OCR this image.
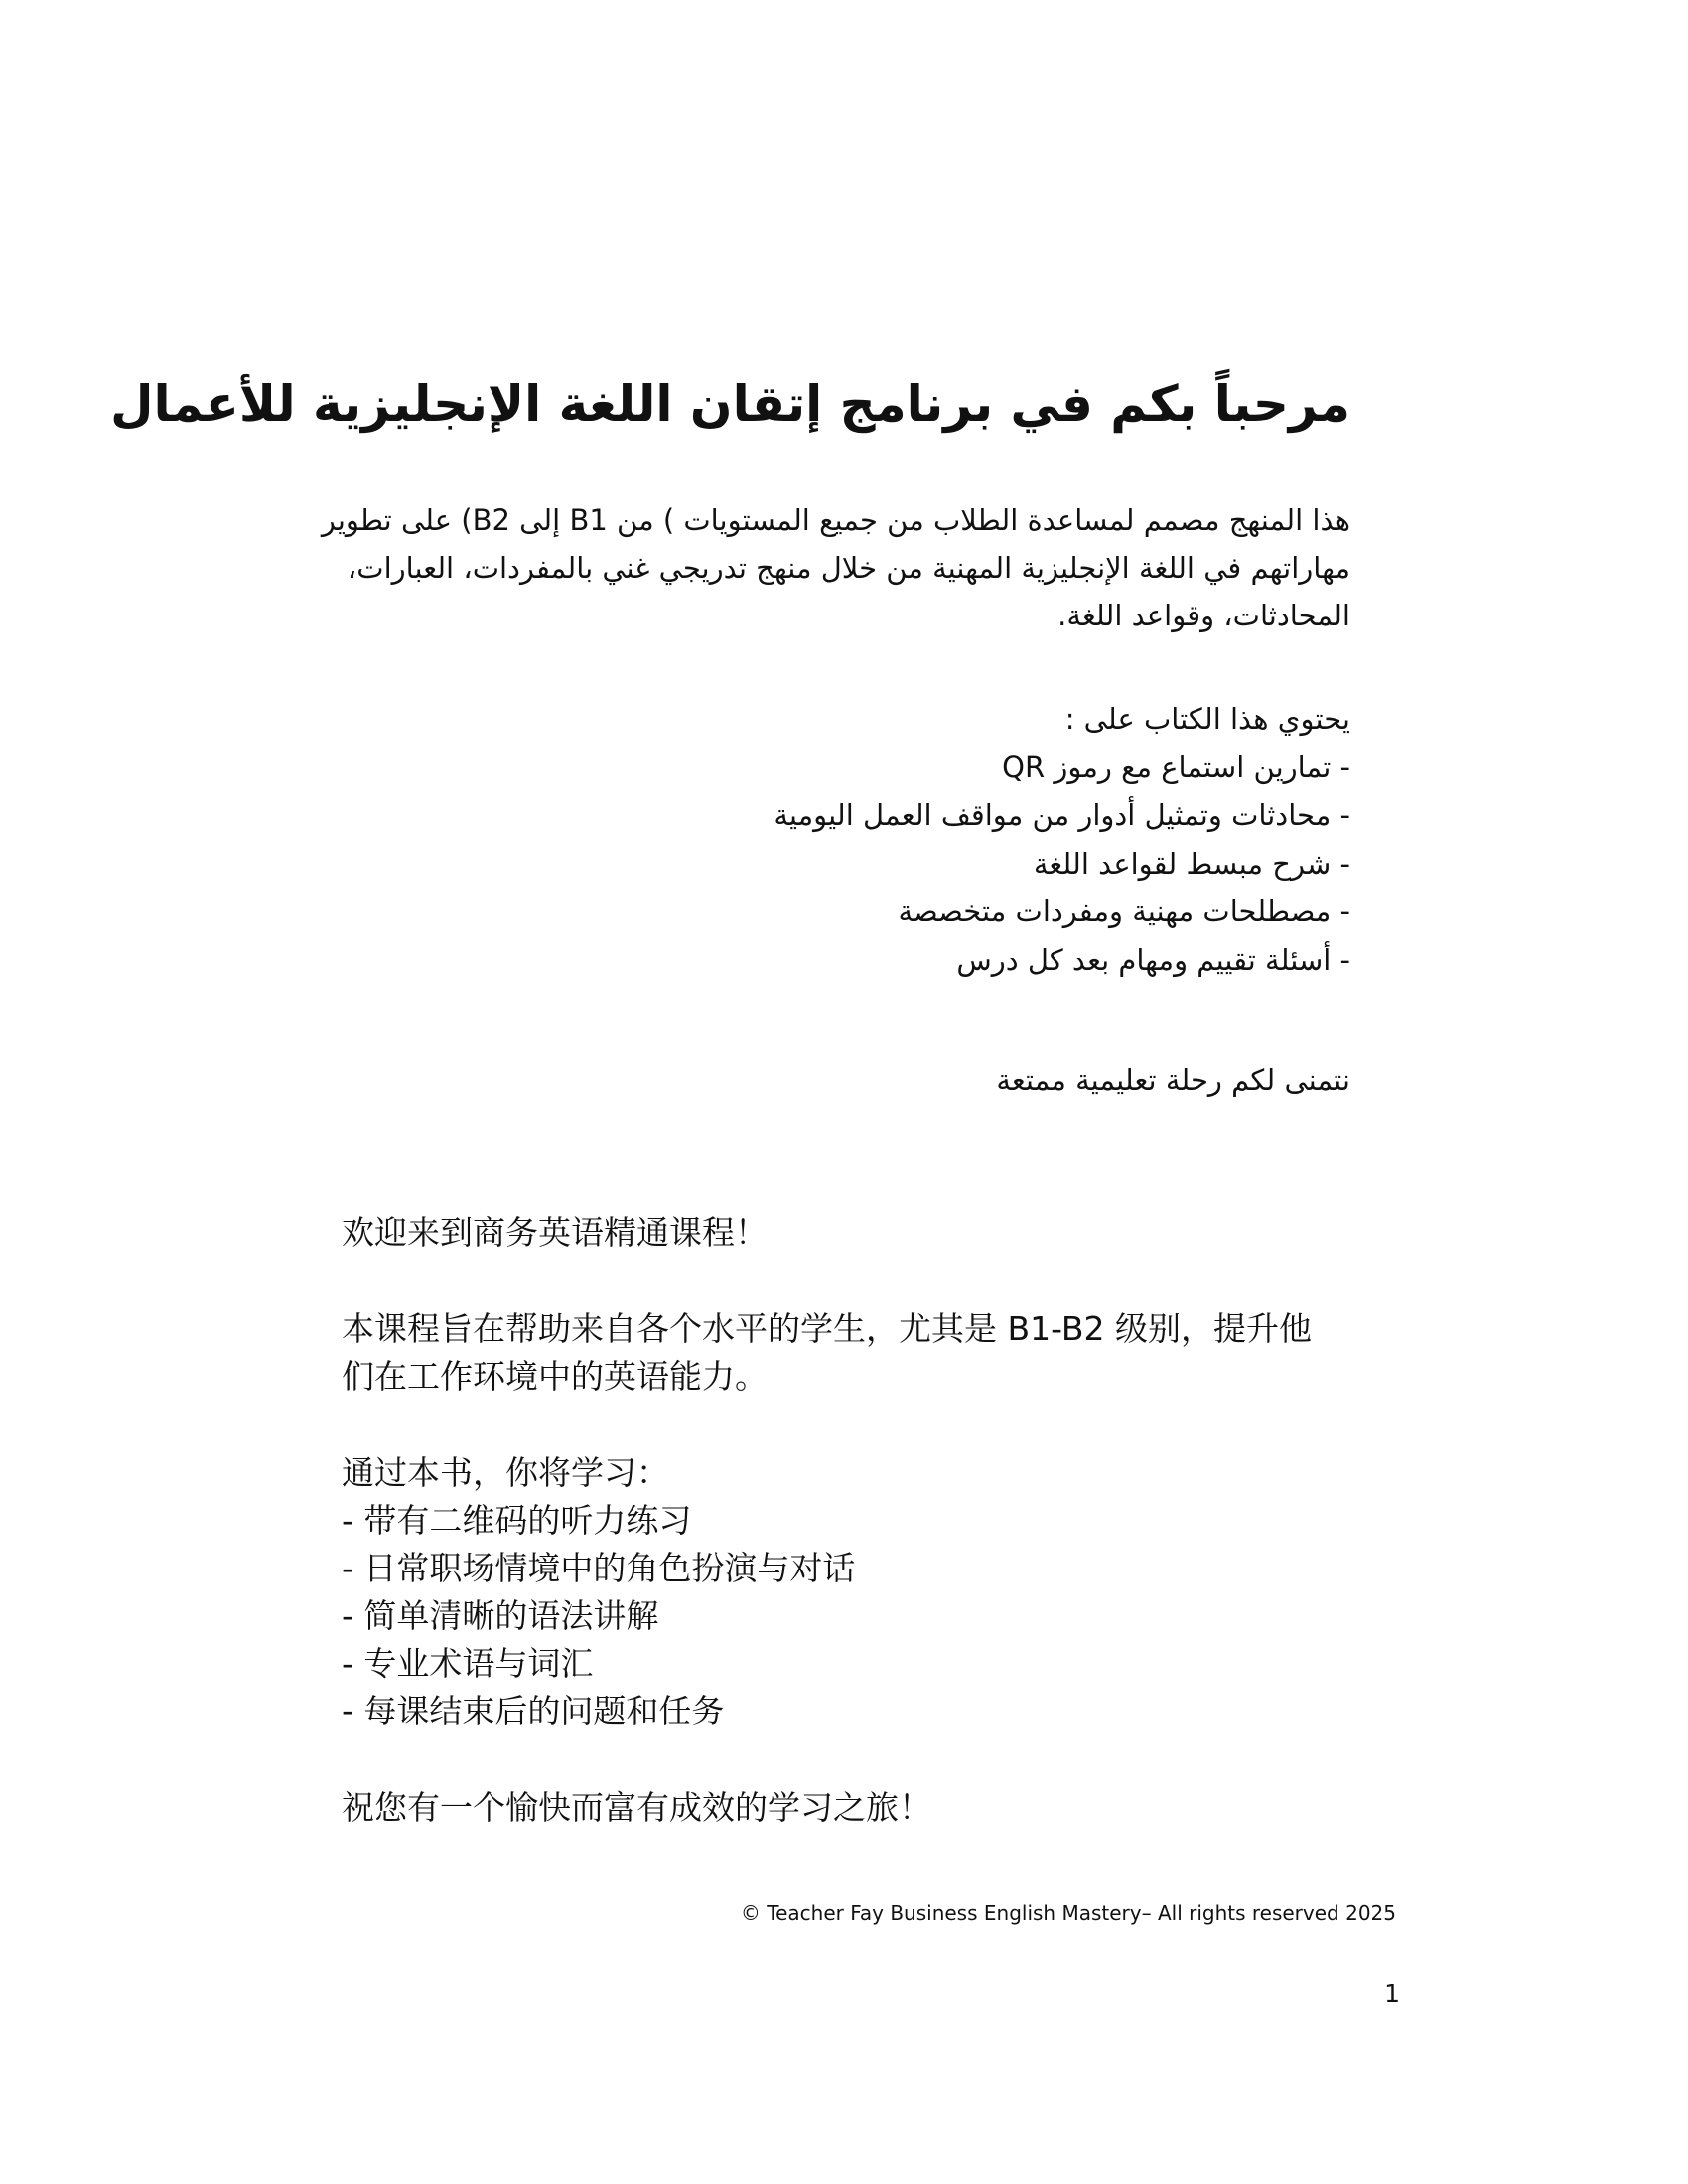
مرحباً بكم في برنامج إتقان اللغة الإنجليزية للأعمال

هذا المنهج مصمم لمساعدة الطلاب من جميع المستويات ) من B1 إلى B2) على تطوير

مهاراتهم في اللغة الإنجليزية المهنية من خلال منهج تدريجي غني بالمفردات، العبارات،

المحادثات، وقواعد اللغة.

يحتوي هذا الكتاب على :
- تمارين استماع مع رموز QR
- محادثات وتمثيل أدوار من مواقف العمل اليومية
- شرح مبسط لقواعد اللغة
- مصطلحات مهنية ومفردات متخصصة
- أسئلة تقييم ومهام بعد كل درس
نتمنى لكم رحلة تعليمية ممتعة
欢迎来到商务英语精通课程！
本课程旨在帮助来自各个水平的学生，尤其是 B1-B2 级别，提升他
们在工作环境中的英语能力。
通过本书，你将学习：
- 带有二维码的听力练习
- 日常职场情境中的角色扮演与对话
- 简单清晰的语法讲解
- 专业术语与词汇
- 每课结束后的问题和任务
祝您有一个愉快而富有成效的学习之旅！
© Teacher Fay Business English Mastery– All rights reserved 2025
1
